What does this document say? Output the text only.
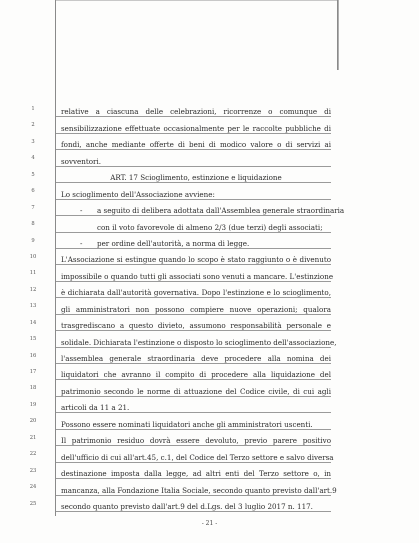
- 21 -
1	relative a ciascuna delle celebrazioni, ricorrenze o comunque di
2	sensibilizzazione effettuate occasionalmente per le raccolte pubbliche di
3	fondi, anche mediante offerte di beni di modico valore o di servizi ai
4	sovventori.
5	ART. 17 Scioglimento, estinzione e liquidazione
6	Lo scioglimento dell'Associazione avviene:
7	- a seguito di delibera adottata dall'Assemblea generale straordinaria
8	con il voto favorevole di almeno 2/3 (due terzi) degli associati;
9	- per ordine dell'autorità, a norma di legge.
10	L'Associazione si estingue quando lo scopo è stato raggiunto o è divenuto
11	impossibile o quando tutti gli associati sono venuti a mancare. L'estinzione
12	è dichiarata dall'autorità governativa. Dopo l'estinzione e lo scioglimento,
13	gli amministratori non possono compiere nuove operazioni; qualora
14	trasgrediscano a questo divieto, assumono responsabilità personale e
15	solidale. Dichiarata l'estinzione o disposto lo scioglimento dell'associazione,
16	l'assemblea generale straordinaria deve procedere alla nomina dei
17	liquidatori che avranno il compito di procedere alla liquidazione del
18	patrimonio secondo le norme di attuazione del Codice civile, di cui agli
19	articoli da 11 a 21.
20	Possono essere nominati liquidatori anche gli amministratori uscenti.
21	Il patrimonio residuo dovrà essere devoluto, previo parere positivo
22	dell'ufficio di cui all'art.45, c.1, del Codice del Terzo settore e salvo diversa
23	destinazione imposta dalla legge, ad altri enti del Terzo settore o, in
24	mancanza, alla Fondazione Italia Sociale, secondo quanto previsto dall'art.9
25	secondo quanto previsto dall'art.9 del d.Lgs. del 3 luglio 2017 n. 117.
